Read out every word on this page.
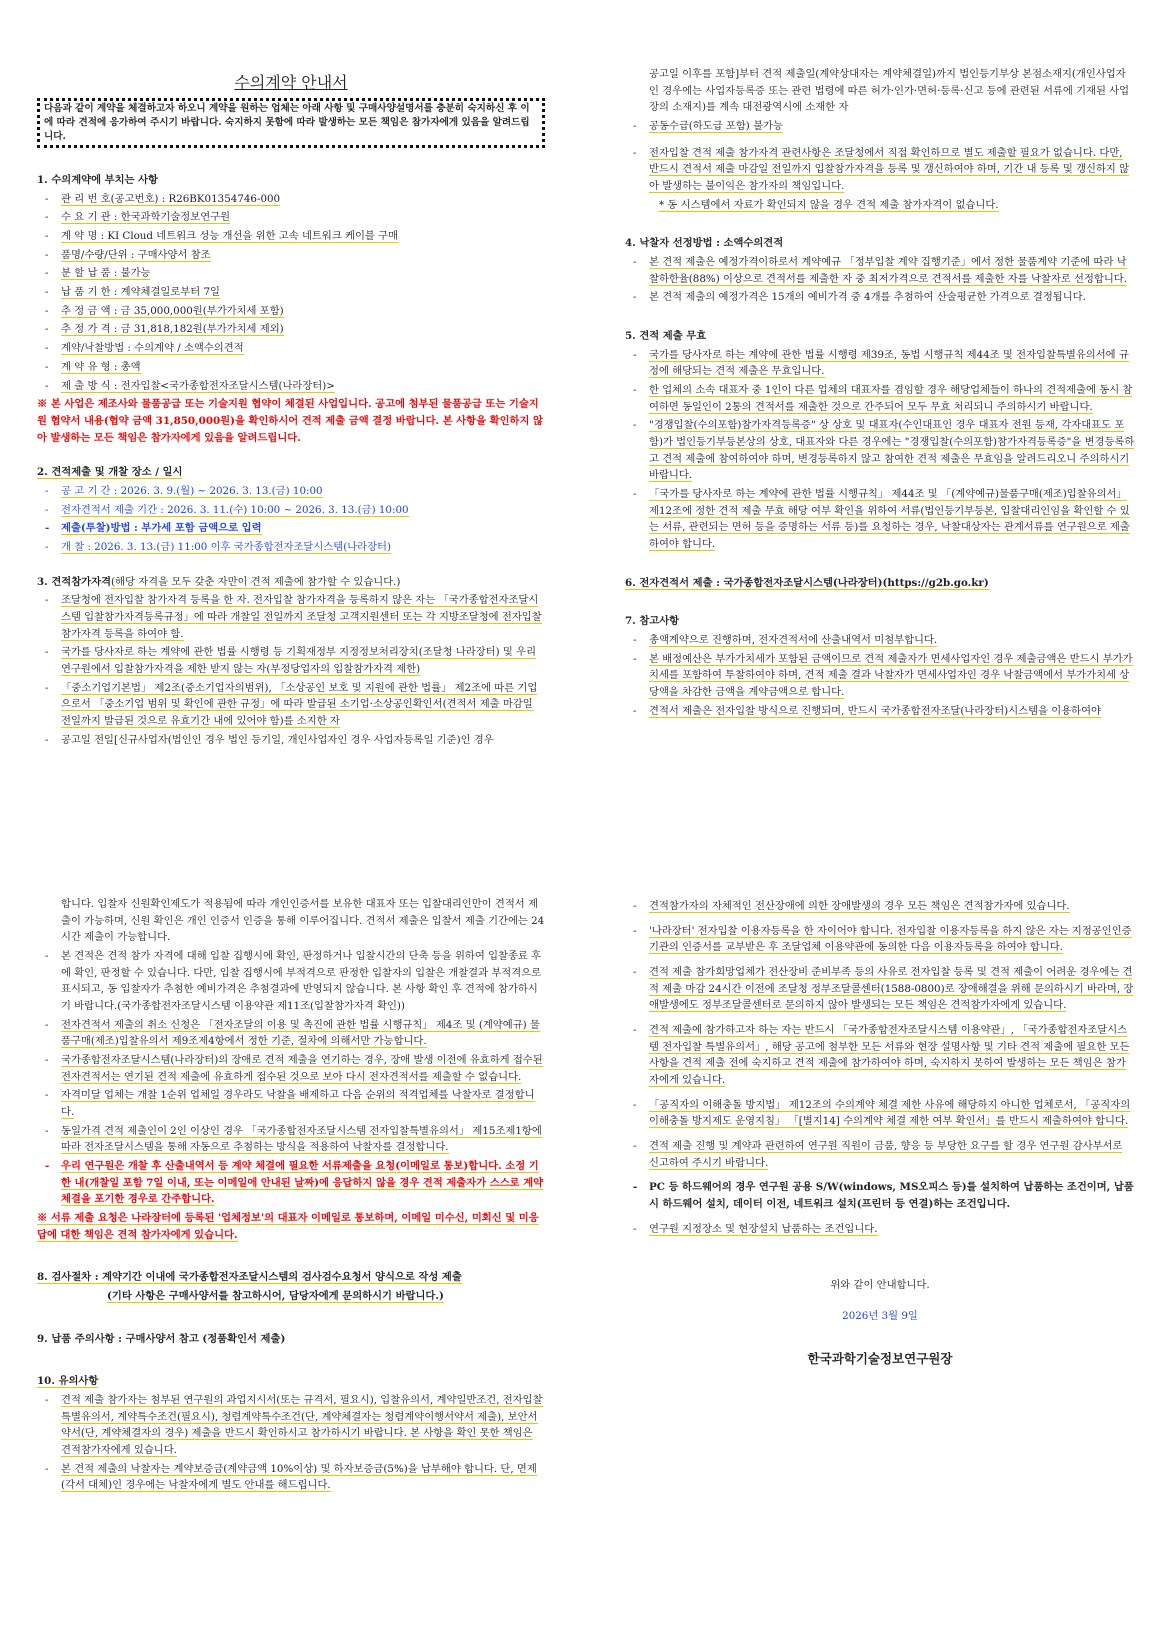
수의계약 안내서
다음과 같이 계약을 체결하고자 하오니 계약을 원하는 업체는 아래 사항 및 구매사양설명서를 충분히 숙지하신 후 이에 따라 견적에 응가하여 주시기 바랍니다. 숙지하지 못함에 따라 발생하는 모든 책임은 참가자에게 있음을 알려드립니다.
1. 수의계약에 부치는 사항
- 관 리 번 호(공고번호) : R26BK01354746-000
- 수 요 기 관 : 한국과학기술정보연구원
- 계 약 명 : KI Cloud 네트워크 성능 개선을 위한 고속 네트워크 케이블 구매
- 품명/수량/단위 : 구매사양서 참조
- 분 할 납 품 : 불가능
- 납 품 기 한 : 계약체결일로부터 7일
- 추 정 금 액 : 금 35,000,000원(부가가치세 포함)
- 추 정 가 격 : 금 31,818,182원(부가가치세 제외)
- 계약/낙찰방법 : 수의계약 / 소액수의견적
- 계 약 유 형 : 총액
- 제 출 방 식 : 전자입찰<국가종합전자조달시스템(나라장터)>
※ 본 사업은 제조사와 물품공급 또는 기술지원 협약이 체결된 사업입니다. 공고에 첨부된 물품공급 또는 기술지원 협약서 내용(협약 금액 31,850,000원)을 확인하시어 견적 제출 금액 결정 바랍니다. 본 사항을 확인하지 않아 발생하는 모든 책임은 참가자에게 있음을 알려드립니다.
2. 견적제출 및 개찰 장소 / 일시
- 공 고 기 간 : 2026. 3. 9.(월) ~ 2026. 3. 13.(금) 10:00
- 전자견적서 제출 기간 : 2026. 3. 11.(수) 10:00 ~ 2026. 3. 13.(금) 10:00
- 제출(투찰)방법 : 부가세 포함 금액으로 입력
- 개 찰 : 2026. 3. 13.(금) 11:00 이후 국가종합전자조달시스템(나라장터)
3. 견적참가자격(해당 자격을 모두 갖춘 자만이 견적 제출에 참가할 수 있습니다.)
- 조달청에 전자입찰 참가자격 등록을 한 자. 전자입찰 참가자격을 등록하지 않은 자는 「국가종합전자조달시스템 입찰참가자격등록규정」에 따라 개찰일 전일까지 조달청 고객지원센터 또는 각 지방조달청에 전자입찰 참가자격 등록을 하여야 함.
- 국가를 당사자로 하는 계약에 관한 법률 시행령 등 기획재정부 지정정보처리장치(조달청 나라장터) 및 우리 연구원에서 입찰참가자격을 제한 받지 않는 자(부정당업자의 입찰참가자격 제한)
- 「중소기업기본법」 제2조(중소기업자의범위), 「소상공인 보호 및 지원에 관한 법률」 제2조에 따른 기업으로서 「중소기업 범위 및 확인에 관한 규정」에 따라 발급된 소기업·소상공인확인서(견적서 제출 마감일 전일까지 발급된 것으로 유효기간 내에 있어야 함)를 소지한 자
- 공고일 전일[신규사업자(법인인 경우 법인 등기일, 개인사업자인 경우 사업자등록일 기준)인 경우
공고일 이후를 포함]부터 견적 제출일(계약상대자는 계약체결일)까지 법인등기부상 본점소재지(개인사업자인 경우에는 사업자등록증 또는 관련 법령에 따른 허가·인가·면허·등록·신고 등에 관련된 서류에 기재된 사업장의 소재지)를 계속 대전광역시에 소재한 자
- 공동수급(하도급 포함) 불가능
- 전자입찰 견적 제출 참가자격 관련사항은 조달청에서 직접 확인하므로 별도 제출할 필요가 없습니다. 다만, 반드시 견적서 제출 마감일 전일까지 입찰참가자격을 등록 및 갱신하여야 하며, 기간 내 등록 및 갱신하지 않아 발생하는 불이익은 참가자의 책임입니다.
* 동 시스템에서 자료가 확인되지 않을 경우 견적 제출 참가자격이 없습니다.
4. 낙찰자 선정방법 : 소액수의견적
- 본 견적 제출은 예정가격이하로서 계약예규 「정부입찰 계약 집행기준」에서 정한 물품계약 기준에 따라 낙찰하한율(88%) 이상으로 견적서를 제출한 자 중 최저가격으로 견적서를 제출한 자를 낙찰자로 선정합니다.
- 본 견적 제출의 예정가격은 15개의 예비가격 중 4개를 추첨하여 산술평균한 가격으로 결정됩니다.
5. 견적 제출 무효
- 국가를 당사자로 하는 계약에 관한 법률 시행령 제39조, 동법 시행규칙 제44조 및 전자입찰특별유의서에 규정에 해당되는 견적 제출은 무효입니다.
- 한 업체의 소속 대표자 중 1인이 다른 업체의 대표자를 겸임할 경우 해당업체들이 하나의 견적제출에 동시 참여하면 동일인이 2통의 견적서를 제출한 것으로 간주되어 모두 무효 처리되니 주의하시기 바랍니다.
- "경쟁입찰(수의포함)참가자격등록증" 상 상호 및 대표자(수인대표인 경우 대표자 전원 등재, 각자대표도 포함)가 법인등기부등본상의 상호, 대표자와 다른 경우에는 "경쟁입찰(수의포함)참가자격등록증"을 변경등록하고 견적 제출에 참여하여야 하며, 변경등록하지 않고 참여한 견적 제출은 무효임을 알려드리오니 주의하시기 바랍니다.
- 「국가를 당사자로 하는 계약에 관한 법률 시행규칙」 제44조 및 「(계약예규)물품구매(제조)입찰유의서」 제12조에 정한 견적 제출 무효 해당 여부 확인을 위하여 서류(법인등기부등본, 입찰대리인임을 확인할 수 있는 서류, 관련되는 면허 등을 증명하는 서류 등)를 요청하는 경우, 낙찰대상자는 관계서류를 연구원으로 제출하여야 합니다.
6. 전자견적서 제출 : 국가종합전자조달시스템(나라장터)(https://g2b.go.kr)
7. 참고사항
- 총액계약으로 진행하며, 전자견적서에 산출내역서 미첨부합니다.
- 본 배정예산은 부가가치세가 포함된 금액이므로 견적 제출자가 면세사업자인 경우 제출금액은 반드시 부가가치세를 포함하여 투찰하여야 하며, 견적 제출 결과 낙찰자가 면세사업자인 경우 낙찰금액에서 부가가치세 상당액을 차감한 금액을 계약금액으로 합니다.
- 견적서 제출은 전자입찰 방식으로 진행되며, 반드시 국가종합전자조달(나라장터)시스템을 이용하여야
합니다. 입찰자 신원확인제도가 적용됨에 따라 개인인증서를 보유한 대표자 또는 입찰대리인만이 견적서 제출이 가능하며, 신원 확인은 개인 인증서 인증을 통해 이루어집니다. 견적서 제출은 입찰서 제출 기간에는 24시간 제출이 가능합니다.
- 본 견적은 견적 참가 자격에 대해 입찰 집행시에 확인, 판정하거나 입찰시간의 단축 등을 위하여 입찰종료 후에 확인, 판정할 수 있습니다. 다만, 입찰 집행시에 부적격으로 판정한 입찰자의 입찰은 개찰결과 부적격으로 표시되고, 동 입찰자가 추첨한 예비가격은 추첨결과에 반영되지 않습니다. 본 사항 확인 후 견적에 참가하시기 바랍니다.(국가종합전자조달시스템 이용약관 제11조(입찰참가자격 확인))
- 전자견적서 제출의 취소 신청은 「전자조달의 이용 및 촉진에 관한 법률 시행규칙」 제4조 및 (계약예규) 물품구매(제조)입찰유의서 제9조제4항에서 정한 기준, 절차에 의해서만 가능합니다.
- 국가종합전자조달시스템(나라장터)의 장애로 견적 제출을 연기하는 경우, 장애 발생 이전에 유효하게 접수된 전자견적서는 연기된 견적 제출에 유효하게 접수된 것으로 보아 다시 전자견적서를 제출할 수 없습니다.
- 자격미달 업체는 개찰 1순위 업체일 경우라도 낙찰을 배제하고 다음 순위의 적격업체를 낙찰자로 결정합니다.
- 동일가격 견적 제출인이 2인 이상인 경우 「국가종합전자조달시스템 전자입찰특별유의서」 제15조제1항에 따라 전자조달시스템을 통해 자동으로 추첨하는 방식을 적용하여 낙찰자를 결정합니다.
- 우리 연구원은 개찰 후 산출내역서 등 계약 체결에 필요한 서류제출을 요청(이메일로 통보)합니다. 소정 기한 내(개찰일 포함 7일 이내, 또는 이메일에 안내된 날짜)에 응답하지 않을 경우 견적 제출자가 스스로 계약체결을 포기한 경우로 간주합니다.
※ 서류 제출 요청은 나라장터에 등록된 '업체정보'의 대표자 이메일로 통보하며, 이메일 미수신, 미회신 및 미응답에 대한 책임은 견적 참가자에게 있습니다.
8. 검사절차 : 계약기간 이내에 국가종합전자조달시스템의 검사검수요청서 양식으로 작성 제출
(기타 사항은 구매사양서를 참고하시어, 담당자에게 문의하시기 바랍니다.)
9. 납품 주의사항 : 구매사양서 참고 (정품확인서 제출)
10. 유의사항
- 견적 제출 참가자는 첨부된 연구원의 과업지시서(또는 규격서, 필요시), 입찰유의서, 계약일반조건, 전자입찰특별유의서, 계약특수조건(필요시), 청렴계약특수조건(단, 계약체결자는 청렴계약이행서약서 제출), 보안서약서(단, 계약체결자의 경우) 제출을 반드시 확인하시고 참가하시기 바랍니다. 본 사항을 확인 못한 책임은 견적참가자에게 있습니다.
- 본 견적 제출의 낙찰자는 계약보증금(계약금액 10%이상) 및 하자보증금(5%)을 납부해야 합니다. 단, 면제(각서 대체)인 경우에는 낙찰자에게 별도 안내를 해드립니다.
- 견적참가자의 자체적인 전산장애에 의한 장애발생의 경우 모든 책임은 견적참가자에 있습니다.
- '나라장터' 전자입찰 이용자등록을 한 자이어야 합니다. 전자입찰 이용자등록을 하지 않은 자는 지정공인인증기관의 인증서를 교부받은 후 조달업체 이용약관에 동의한 다음 이용자등록을 하여야 합니다.
- 견적 제출 참가희망업체가 전산장비 준비부족 등의 사유로 전자입찰 등록 및 견적 제출이 어려운 경우에는 견적 제출 마감 24시간 이전에 조달청 정부조달콜센터(1588-0800)로 장애해결을 위해 문의하시기 바라며, 장애발생에도 정부조달콜센터로 문의하지 않아 발생되는 모든 책임은 견적참가자에게 있습니다.
- 견적 제출에 참가하고자 하는 자는 반드시 「국가종합전자조달시스템 이용약관」, 「국가종합전자조달시스템 전자입찰 특별유의서」, 해당 공고에 첨부한 모든 서류와 현장 설명사항 및 기타 견적 제출에 필요한 모든 사항을 견적 제출 전에 숙지하고 견적 제출에 참가하여야 하며, 숙지하지 못하여 발생하는 모든 책임은 참가자에게 있습니다.
- 「공직자의 이해충돌 방지법」 제12조의 수의계약 체결 제한 사유에 해당하지 아니한 업체로서, 「공직자의 이해충돌 방지제도 운영지침」 「[별지14] 수의계약 체결 제한 여부 확인서」를 반드시 제출하여야 합니다.
- 견적 제출 진행 및 계약과 관련하여 연구원 직원이 금품, 향응 등 부당한 요구를 할 경우 연구원 감사부서로 신고하여 주시기 바랍니다.
- PC 등 하드웨어의 경우 연구원 공용 S/W(windows, MS오피스 등)를 설치하여 납품하는 조건이며, 납품 시 하드웨어 설치, 데이터 이전, 네트워크 설치(프린터 등 연결)하는 조건입니다.
- 연구원 지정장소 및 현장설치 납품하는 조건입니다.
위와 같이 안내합니다.
2026년 3월 9일
한국과학기술정보연구원장
